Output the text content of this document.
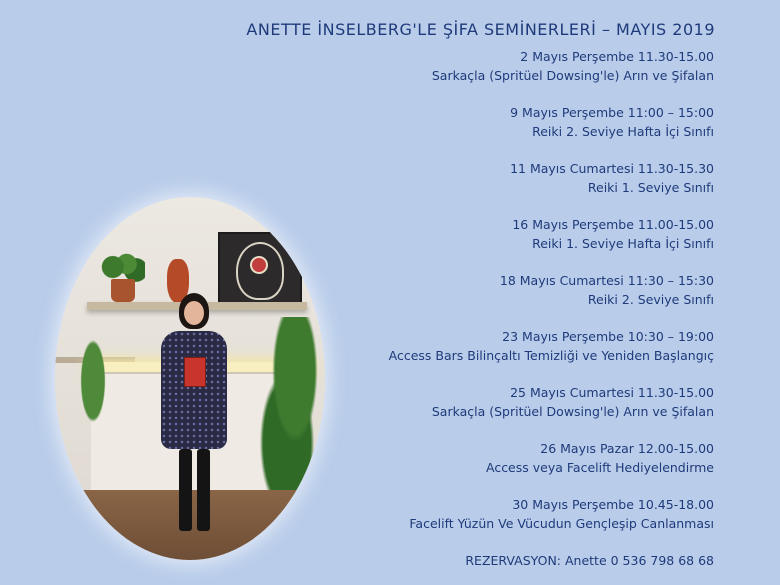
ANETTE İNSELBERG'LE ŞİFA SEMİNERLERİ – MAYIS 2019
2 Mayıs Perşembe 11.30-15.00
Sarkaçla (Spritüel Dowsing'le) Arın ve Şifalan
9 Mayıs Perşembe 11:00 – 15:00
Reiki 2. Seviye Hafta İçi Sınıfı
11 Mayıs Cumartesi 11.30-15.30
Reiki 1. Seviye Sınıfı
16 Mayıs Perşembe 11.00-15.00
Reiki 1. Seviye Hafta İçi Sınıfı
18 Mayıs Cumartesi 11:30 – 15:30
Reiki 2. Seviye Sınıfı
23 Mayıs Perşembe 10:30 – 19:00
Access Bars Bilinçaltı Temizliği ve Yeniden Başlangıç
25 Mayıs Cumartesi 11.30-15.00
Sarkaçla (Spritüel Dowsing'le) Arın ve Şifalan
26 Mayıs Pazar 12.00-15.00
Access veya Facelift Hediyelendirme
30 Mayıs Perşembe 10.45-18.00
Facelift Yüzün Ve Vücudun Gençleşip Canlanması
REZERVASYON: Anette 0 536 798 68 68
